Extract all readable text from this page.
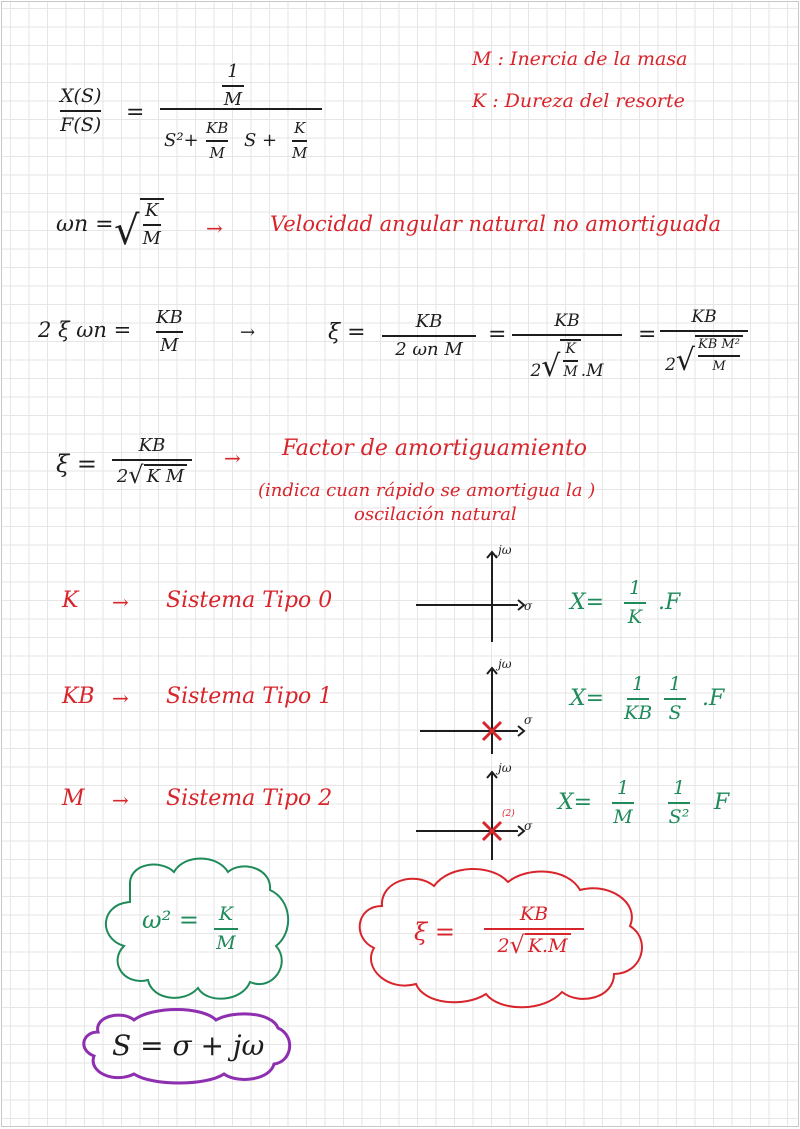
X(S)
F(S) =
1
M
S²+
KB
M
S +
K
M
M : Inercia de la masa
K : Dureza del resorte
ωn = √ K
M → Velocidad angular natural no amortiguada
2 ξ ωn =
KB
M
→	ξ =	KB
2 ωn M
=
KB
2 √
K
M .M
=
KB
2 √ KB M²
M
ξ =
KB
2 √ K M
→ Factor de amortiguamiento
(indica cuan rápido se amortigua la )
oscilación natural
K → Sistema Tipo 0
jω
σ X=
1
K
.F
KB → Sistema Tipo 1
jω
σ
X=
1
KB
1
S
.F
M → Sistema Tipo 2
jω
σ
(2) X=
1
M
1
S²
F
ω² = K
M	ξ =
KB
2 √ K.M
S = σ + jω
